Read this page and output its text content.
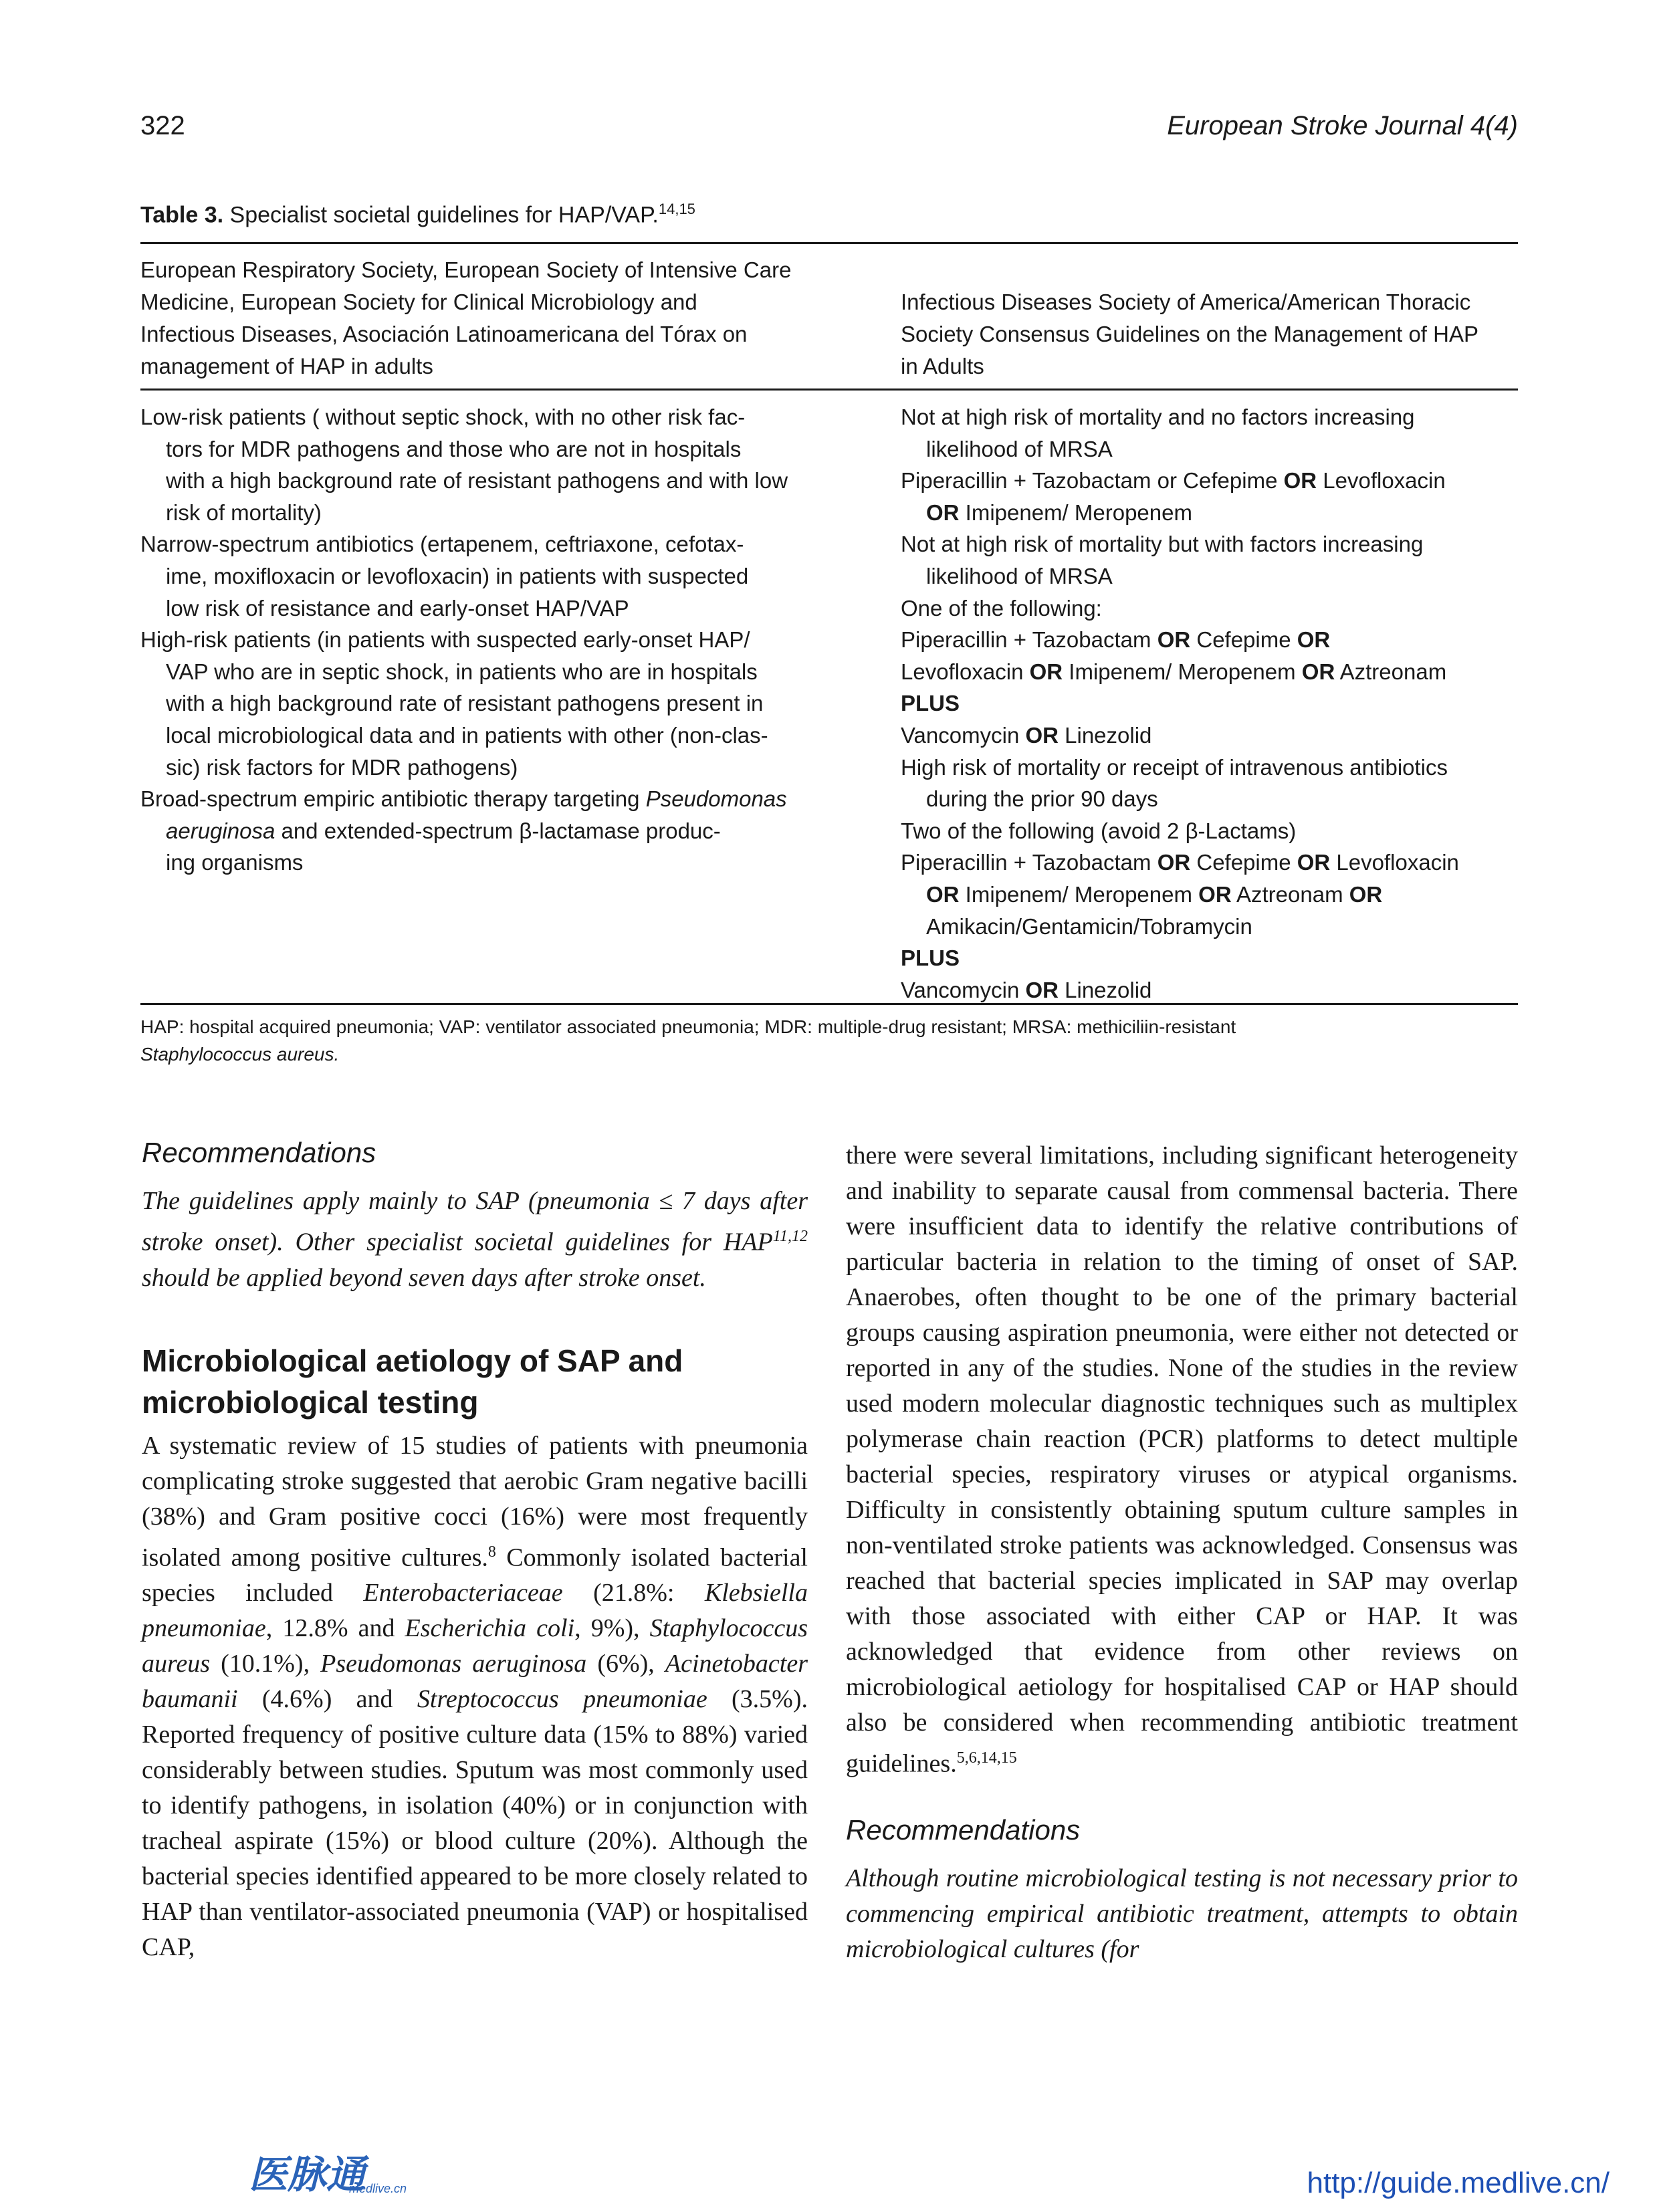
322	European Stroke Journal 4(4)
Table 3. Specialist societal guidelines for HAP/VAP.$^{14,15}$
European Respiratory Society, European Society of Intensive Care
Medicine, European Society for Clinical Microbiology and
Infectious Diseases, Asociación Latinoamericana del Tórax on
management of HAP in adults
Infectious Diseases Society of America/American Thoracic
Society Consensus Guidelines on the Management of HAP
in Adults
Low-risk patients ( without septic shock, with no other risk fac-
tors for MDR pathogens and those who are not in hospitals
with a high background rate of resistant pathogens and with low
risk of mortality)
Narrow-spectrum antibiotics (ertapenem, ceftriaxone, cefotax-
ime, moxifloxacin or levofloxacin) in patients with suspected
low risk of resistance and early-onset HAP/VAP
High-risk patients (in patients with suspected early-onset HAP/
VAP who are in septic shock, in patients who are in hospitals
with a high background rate of resistant pathogens present in
local microbiological data and in patients with other (non-clas-
sic) risk factors for MDR pathogens)
Broad-spectrum empiric antibiotic therapy targeting Pseudomonas
aeruginosa and extended-spectrum β-lactamase produc-
ing organisms
Not at high risk of mortality and no factors increasing
likelihood of MRSA
Piperacillin + Tazobactam or Cefepime OR Levofloxacin
OR Imipenem/ Meropenem
Not at high risk of mortality but with factors increasing
likelihood of MRSA
One of the following:
Piperacillin + Tazobactam OR Cefepime OR
Levofloxacin OR Imipenem/ Meropenem OR Aztreonam
PLUS
Vancomycin OR Linezolid
High risk of mortality or receipt of intravenous antibiotics
during the prior 90 days
Two of the following (avoid 2 β-Lactams)
Piperacillin + Tazobactam OR Cefepime OR Levofloxacin
OR Imipenem/ Meropenem OR Aztreonam OR
Amikacin/Gentamicin/Tobramycin
PLUS
Vancomycin OR Linezolid
HAP: hospital acquired pneumonia; VAP: ventilator associated pneumonia; MDR: multiple-drug resistant; MRSA: methiciliin-resistant
Staphylococcus aureus.
Recommendations
The guidelines apply mainly to SAP (pneumonia ≤ 7 days after stroke onset). Other specialist societal guidelines for HAP$^{11,12}$ should be applied beyond seven days after stroke onset.
Microbiological aetiology of SAP and microbiological testing
A systematic review of 15 studies of patients with pneumonia complicating stroke suggested that aerobic Gram negative bacilli (38%) and Gram positive cocci (16%) were most frequently isolated among positive cultures.$^8$ Commonly isolated bacterial species included Enterobacteriaceae (21.8%: Klebsiella pneumoniae, 12.8% and Escherichia coli, 9%), Staphylococcus aureus (10.1%), Pseudomonas aeruginosa (6%), Acinetobacter baumanii (4.6%) and Streptococcus pneumoniae (3.5%). Reported frequency of positive culture data (15% to 88%) varied considerably between studies. Sputum was most commonly used to identify pathogens, in isolation (40%) or in conjunction with tracheal aspirate (15%) or blood culture (20%). Although the bacterial species identified appeared to be more closely related to HAP than ventilator-associated pneumonia (VAP) or hospitalised CAP,
there were several limitations, including significant heterogeneity and inability to separate causal from commensal bacteria. There were insufficient data to identify the relative contributions of particular bacteria in relation to the timing of onset of SAP. Anaerobes, often thought to be one of the primary bacterial groups causing aspiration pneumonia, were either not detected or reported in any of the studies. None of the studies in the review used modern molecular diagnostic techniques such as multiplex polymerase chain reaction (PCR) platforms to detect multiple bacterial species, respiratory viruses or atypical organisms. Difficulty in consistently obtaining sputum culture samples in non-ventilated stroke patients was acknowledged. Consensus was reached that bacterial species implicated in SAP may overlap with those associated with either CAP or HAP. It was acknowledged that evidence from other reviews on microbiological aetiology for hospitalised CAP or HAP should also be considered when recommending antibiotic treatment guidelines.$^{5,6,14,15}$
Recommendations
Although routine microbiological testing is not necessary prior to commencing empirical antibiotic treatment, attempts to obtain microbiological cultures (for
医脉通
medlive.cn	http://guide.medlive.cn/
